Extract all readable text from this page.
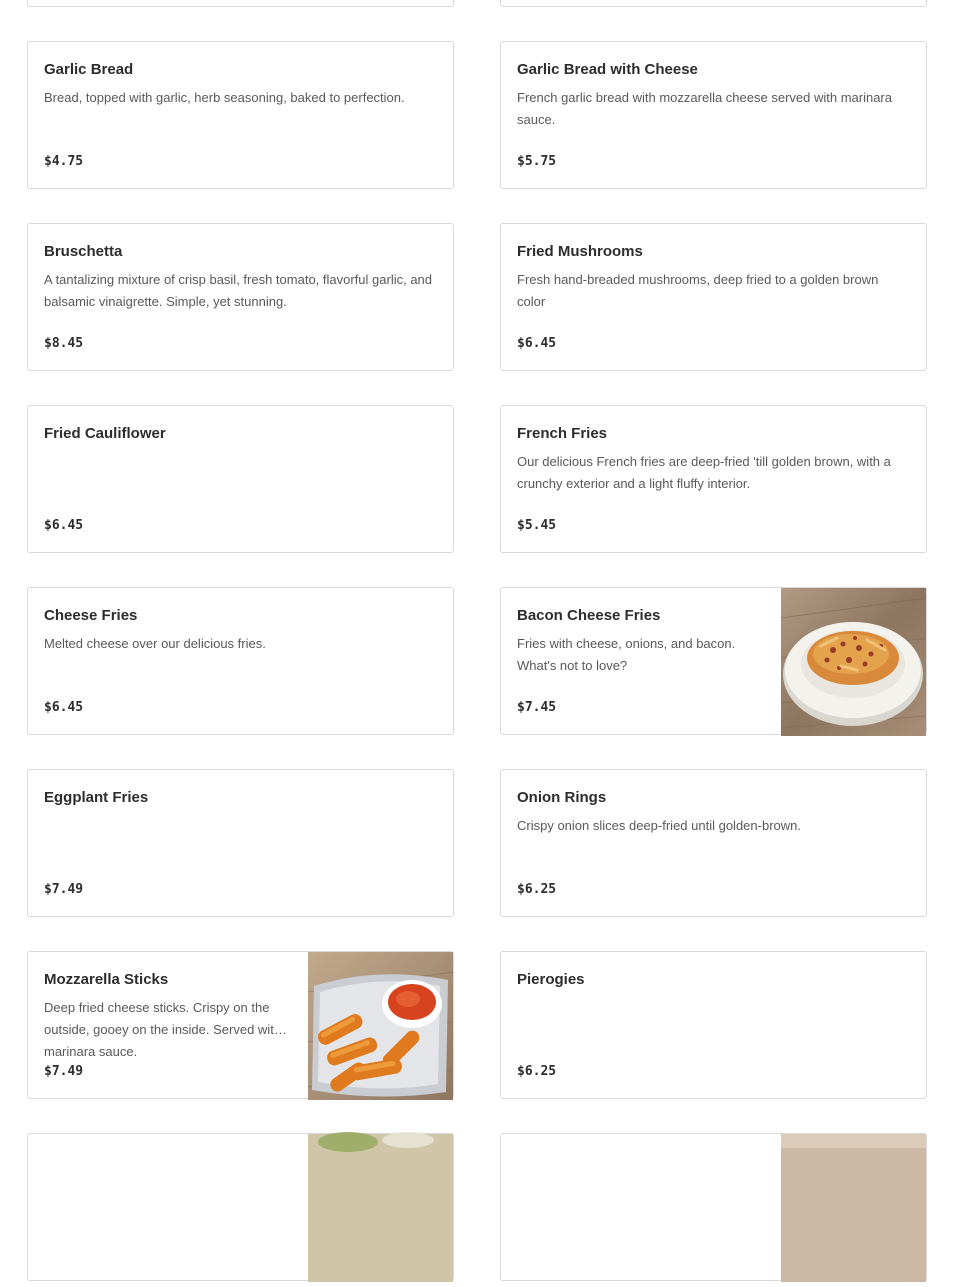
Garlic Bread
Bread, topped with garlic, herb seasoning, baked to perfection.
$4.75
Garlic Bread with Cheese
French garlic bread with mozzarella cheese served with marinara sauce.
$5.75
Bruschetta
A tantalizing mixture of crisp basil, fresh tomato, flavorful garlic, and balsamic vinaigrette. Simple, yet stunning.
$8.45
Fried Mushrooms
Fresh hand-breaded mushrooms, deep fried to a golden brown color
$6.45
Fried Cauliflower
$6.45
French Fries
Our delicious French fries are deep-fried 'till golden brown, with a crunchy exterior and a light fluffy interior.
$5.45
Cheese Fries
Melted cheese over our delicious fries.
$6.45
Bacon Cheese Fries
Fries with cheese, onions, and bacon. What's not to love?
$7.45
Eggplant Fries
$7.49
Onion Rings
Crispy onion slices deep-fried until golden-brown.
$6.25
Mozzarella Sticks
Deep fried cheese sticks. Crispy on the outside, gooey on the inside. Served with marinara sauce.
$7.49
Pierogies
$6.25
